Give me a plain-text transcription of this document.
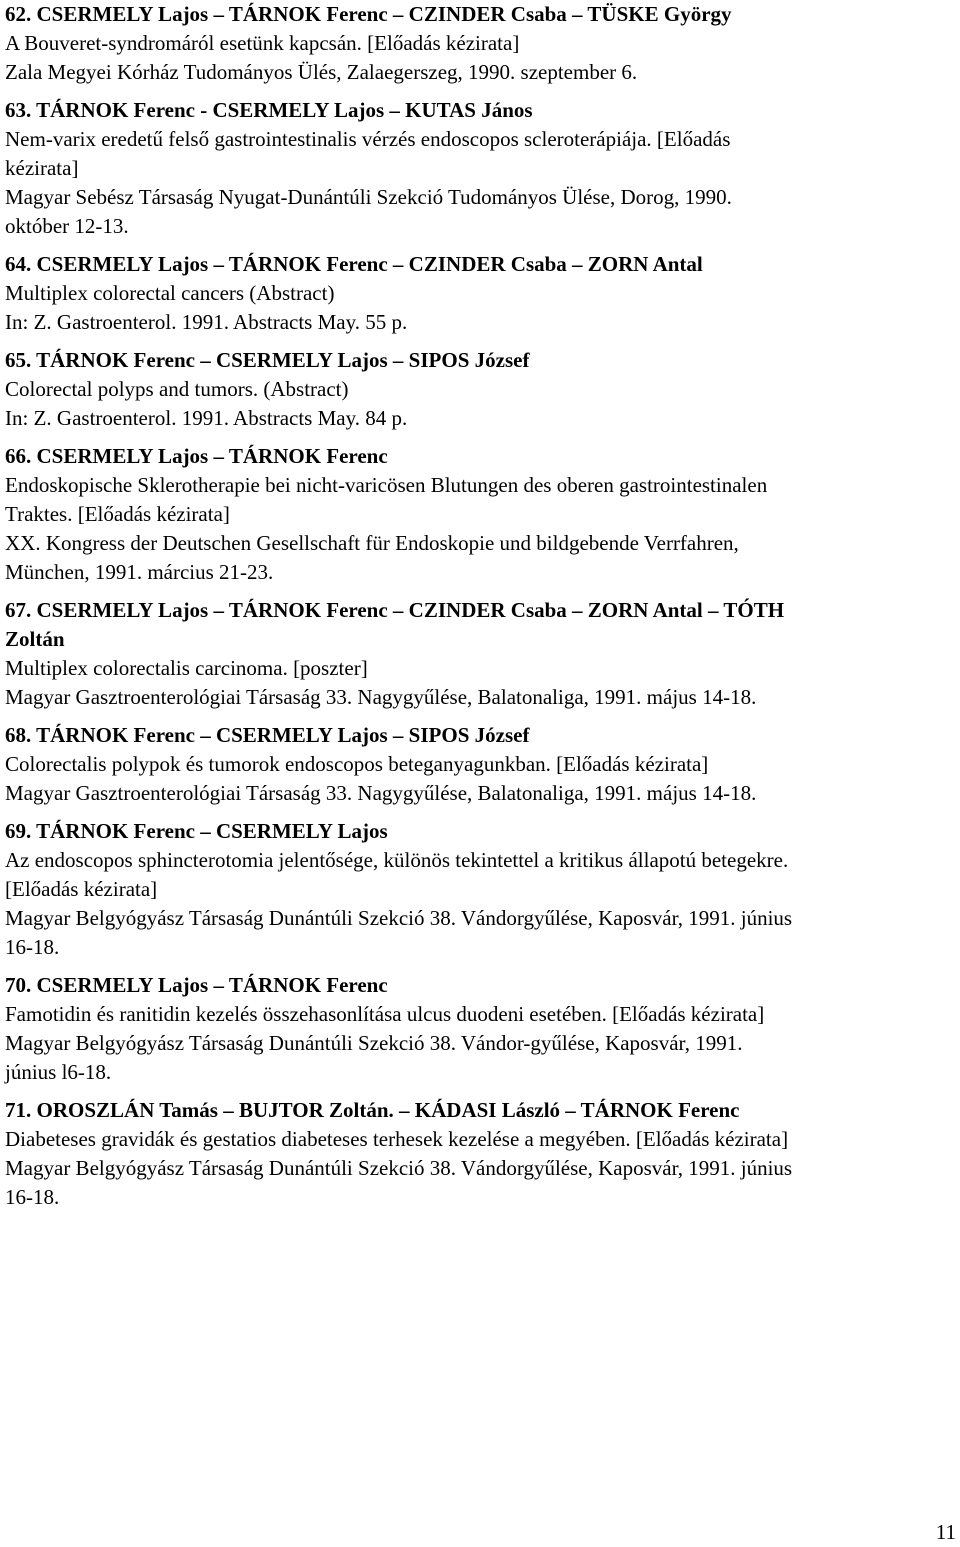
62. CSERMELY Lajos – TÁRNOK Ferenc – CZINDER Csaba – TÜSKE György

A Bouveret-syndromáról esetünk kapcsán. [Előadás kézirata]

Zala Megyei Kórház Tudományos Ülés, Zalaegerszeg, 1990. szeptember 6.

63. TÁRNOK Ferenc - CSERMELY Lajos – KUTAS János

Nem-varix eredetű felső gastrointestinalis vérzés endoscopos scleroterápiája. [Előadás

kézirata]

Magyar Sebész Társaság Nyugat-Dunántúli Szekció Tudományos Ülése, Dorog, 1990.

október 12-13.

64. CSERMELY Lajos – TÁRNOK Ferenc – CZINDER Csaba – ZORN Antal

Multiplex colorectal cancers (Abstract)

In: Z. Gastroenterol. 1991. Abstracts May. 55 p.

65. TÁRNOK Ferenc – CSERMELY Lajos – SIPOS József

Colorectal polyps and tumors. (Abstract)

In: Z. Gastroenterol. 1991. Abstracts May. 84 p.

66. CSERMELY Lajos – TÁRNOK Ferenc

Endoskopische Sklerotherapie bei nicht-varicösen Blutungen des oberen gastrointestinalen

Traktes. [Előadás kézirata]

XX. Kongress der Deutschen Gesellschaft für Endoskopie und bildgebende Verrfahren,

München, 1991. március 21-23.

67. CSERMELY Lajos – TÁRNOK Ferenc – CZINDER Csaba – ZORN Antal – TÓTH

Zoltán

Multiplex colorectalis carcinoma. [poszter]

Magyar Gasztroenterológiai Társaság 33. Nagygyűlése, Balatonaliga, 1991. május 14-18.

68. TÁRNOK Ferenc – CSERMELY Lajos – SIPOS József

Colorectalis polypok és tumorok endoscopos beteganyagunkban. [Előadás kézirata]

Magyar Gasztroenterológiai Társaság 33. Nagygyűlése, Balatonaliga, 1991. május 14-18.

69. TÁRNOK Ferenc – CSERMELY Lajos

Az endoscopos sphincterotomia jelentősége, különös tekintettel a kritikus állapotú betegekre.

[Előadás kézirata]

Magyar Belgyógyász Társaság Dunántúli Szekció 38. Vándorgyűlése, Kaposvár, 1991. június

16-18.

70. CSERMELY Lajos – TÁRNOK Ferenc

Famotidin és ranitidin kezelés összehasonlítása ulcus duodeni esetében. [Előadás kézirata]

Magyar Belgyógyász Társaság Dunántúli Szekció 38. Vándor-gyűlése, Kaposvár, 1991.

június l6-18.

71. OROSZLÁN Tamás – BUJTOR Zoltán. – KÁDASI László – TÁRNOK Ferenc

Diabeteses gravidák és gestatios diabeteses terhesek kezelése a megyében. [Előadás kézirata]

Magyar Belgyógyász Társaság Dunántúli Szekció 38. Vándorgyűlése, Kaposvár, 1991. június

16-18.

11
